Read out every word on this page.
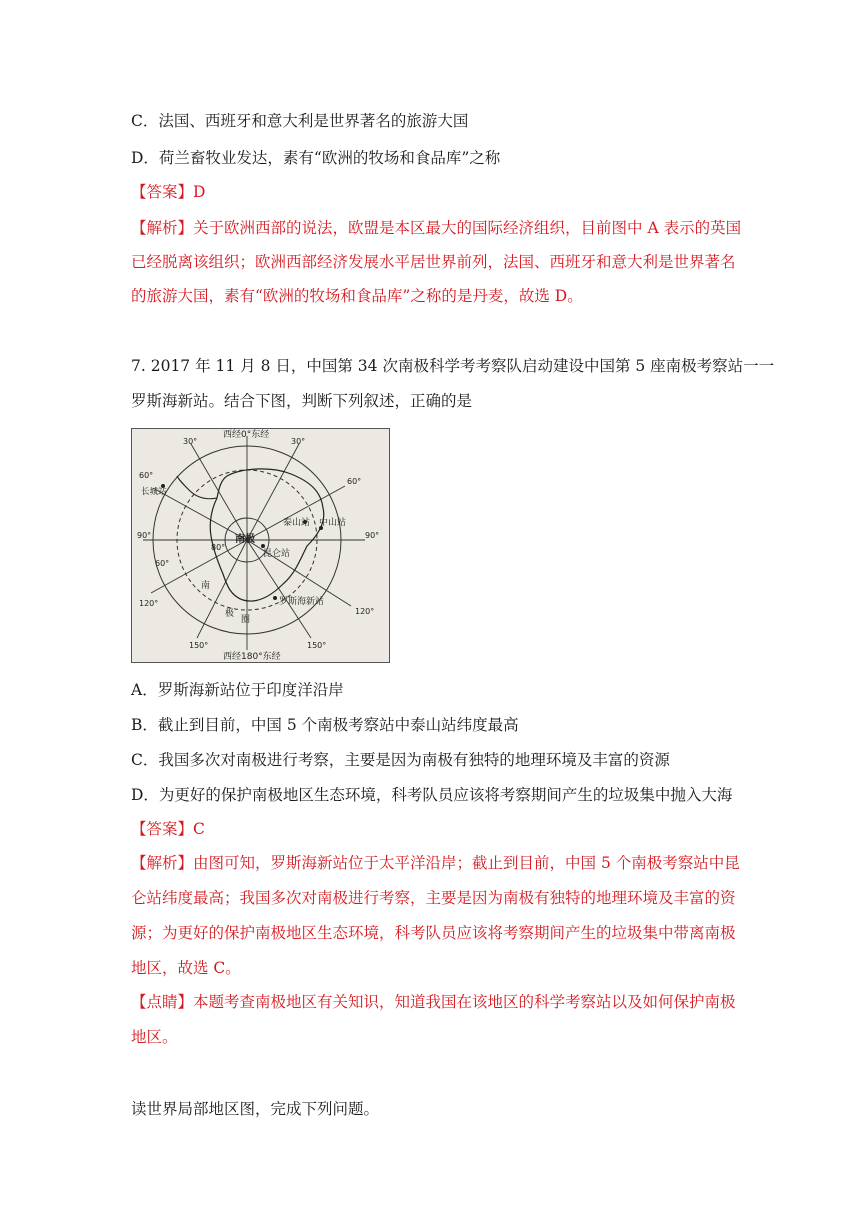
C．法国、西班牙和意大利是世界著名的旅游大国
D．荷兰畜牧业发达，素有“欧洲的牧场和食品库”之称
【答案】D
【解析】关于欧洲西部的说法，欧盟是本区最大的国际经济组织，目前图中 A 表示的英国
已经脱离该组织；欧洲西部经济发展水平居世界前列，法国、西班牙和意大利是世界著名
的旅游大国，素有“欧洲的牧场和食品库”之称的是丹麦，故选 D。
7. 2017 年 11 月 8 日，中国第 34 次南极科学考考察队启动建设中国第 5 座南极考察站一一
罗斯海新站。结合下图，判断下列叙述，正确的是
西经0°东经
西经180°东经
南极
80°
60°
南
极
圈
30°	30°
60°
60°
90°	90°
120°
120°
150°	150°
长城站
泰山站 中山站
昆仑站
罗斯海新站
A．罗斯海新站位于印度洋沿岸
B．截止到目前，中国 5 个南极考察站中泰山站纬度最高
C．我国多次对南极进行考察，主要是因为南极有独特的地理环境及丰富的资源
D．为更好的保护南极地区生态环境，科考队员应该将考察期间产生的垃圾集中抛入大海
【答案】C
【解析】由图可知，罗斯海新站位于太平洋沿岸；截止到目前，中国 5 个南极考察站中昆
仑站纬度最高；我国多次对南极进行考察，主要是因为南极有独特的地理环境及丰富的资
源；为更好的保护南极地区生态环境，科考队员应该将考察期间产生的垃圾集中带离南极
地区，故选 C。
【点睛】本题考查南极地区有关知识，知道我国在该地区的科学考察站以及如何保护南极
地区。
读世界局部地区图，完成下列问题。
